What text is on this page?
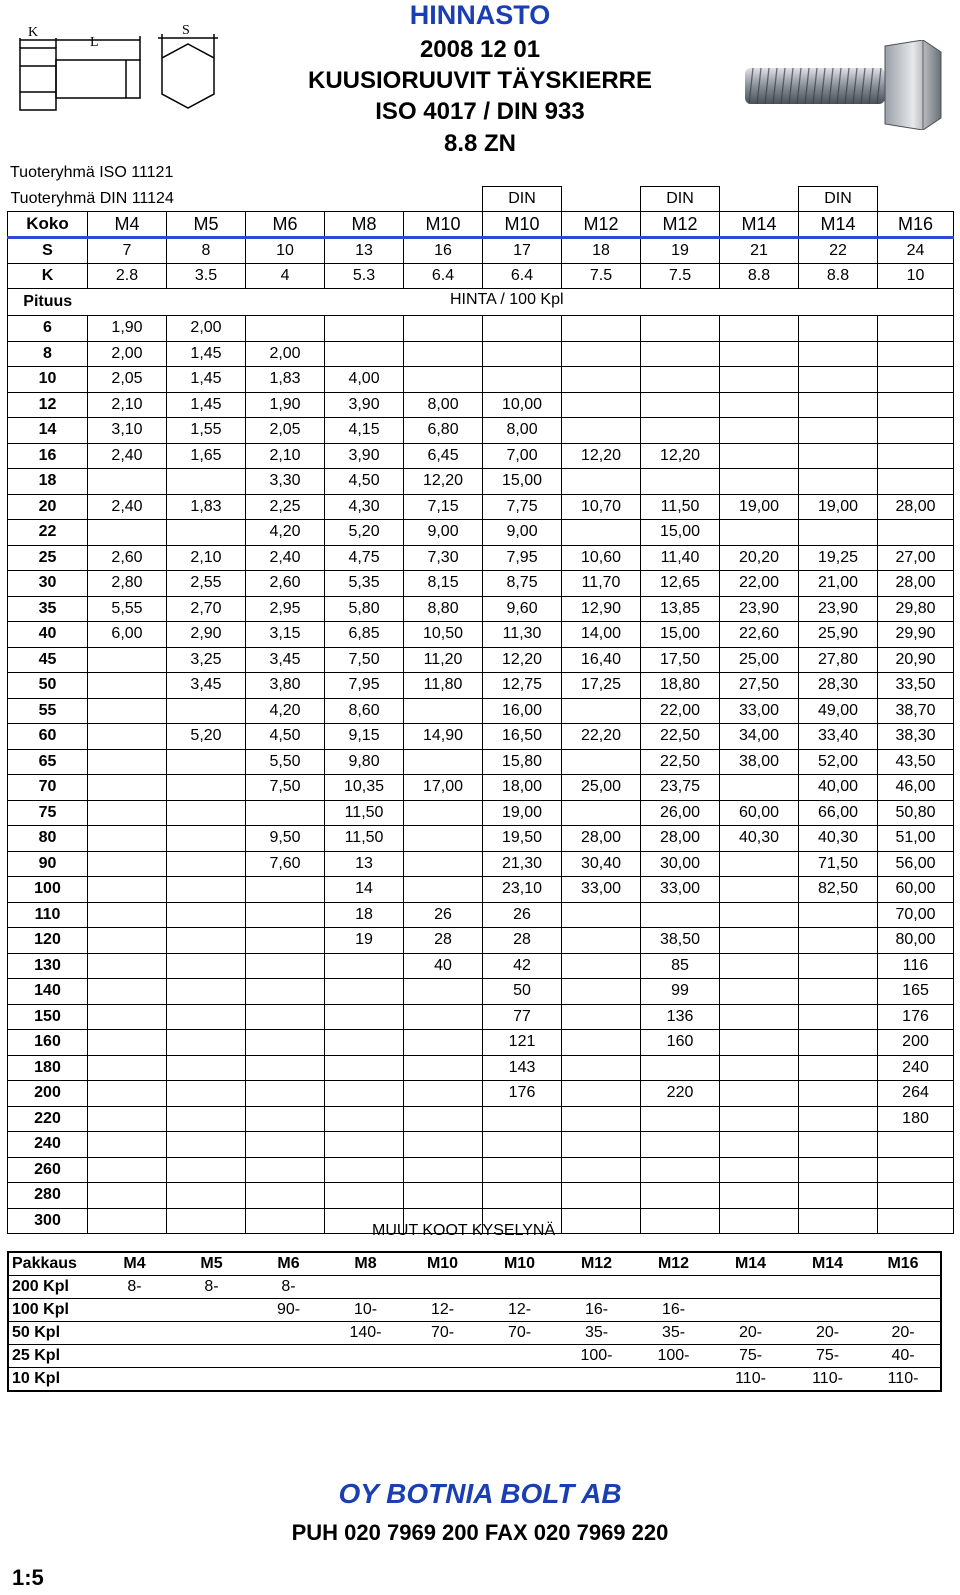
HINNASTO
2008 12 01
KUUSIORUUVIT TÄYSKIERRE
ISO 4017 / DIN 933
8.8 ZN
K
L
S
Tuoteryhmä ISO 11121
Tuoteryhmä DIN 11124						DIN		DIN		DIN	
Koko	M4	M5	M6	M8	M10	M10	M12	M12	M14	M14	M16
S	7	8	10	13	16	17	18	19	21	22	24
K	2.8	3.5	4	5.3	6.4	6.4	7.5	7.5	8.8	8.8	10
Pituus											
6	1,90	2,00									
8	2,00	1,45	2,00								
10	2,05	1,45	1,83	4,00							
12	2,10	1,45	1,90	3,90	8,00	10,00					
14	3,10	1,55	2,05	4,15	6,80	8,00					
16	2,40	1,65	2,10	3,90	6,45	7,00	12,20	12,20			
18			3,30	4,50	12,20	15,00					
20	2,40	1,83	2,25	4,30	7,15	7,75	10,70	11,50	19,00	19,00	28,00
22			4,20	5,20	9,00	9,00		15,00			
25	2,60	2,10	2,40	4,75	7,30	7,95	10,60	11,40	20,20	19,25	27,00
30	2,80	2,55	2,60	5,35	8,15	8,75	11,70	12,65	22,00	21,00	28,00
35	5,55	2,70	2,95	5,80	8,80	9,60	12,90	13,85	23,90	23,90	29,80
40	6,00	2,90	3,15	6,85	10,50	11,30	14,00	15,00	22,60	25,90	29,90
45		3,25	3,45	7,50	11,20	12,20	16,40	17,50	25,00	27,80	20,90
50		3,45	3,80	7,95	11,80	12,75	17,25	18,80	27,50	28,30	33,50
55			4,20	8,60		16,00		22,00	33,00	49,00	38,70
60		5,20	4,50	9,15	14,90	16,50	22,20	22,50	34,00	33,40	38,30
65			5,50	9,80		15,80		22,50	38,00	52,00	43,50
70			7,50	10,35	17,00	18,00	25,00	23,75		40,00	46,00
75				11,50		19,00		26,00	60,00	66,00	50,80
80			9,50	11,50		19,50	28,00	28,00	40,30	40,30	51,00
90			7,60	13		21,30	30,40	30,00		71,50	56,00
100				14		23,10	33,00	33,00		82,50	60,00
110				18	26	26					70,00
120				19	28	28		38,50			80,00
130					40	42		85			116
140						50		99			165
150						77		136			176
160						121		160			200
180						143					240
200						176		220			264
220											180
240											
260											
280											
300											
HINTA / 100 Kpl
MUUT KOOT KYSELYNÄ
Pakkaus	M4	M5	M6	M8	M10	M10	M12	M12	M14	M14	M16
200 Kpl	8-	8-	8-								
100 Kpl			90-	10-	12-	12-	16-	16-			
50 Kpl				140-	70-	70-	35-	35-	20-	20-	20-
25 Kpl							100-	100-	75-	75-	40-
10 Kpl									110-	110-	110-
OY BOTNIA BOLT AB
PUH 020 7969 200 FAX 020 7969 220
1:5
